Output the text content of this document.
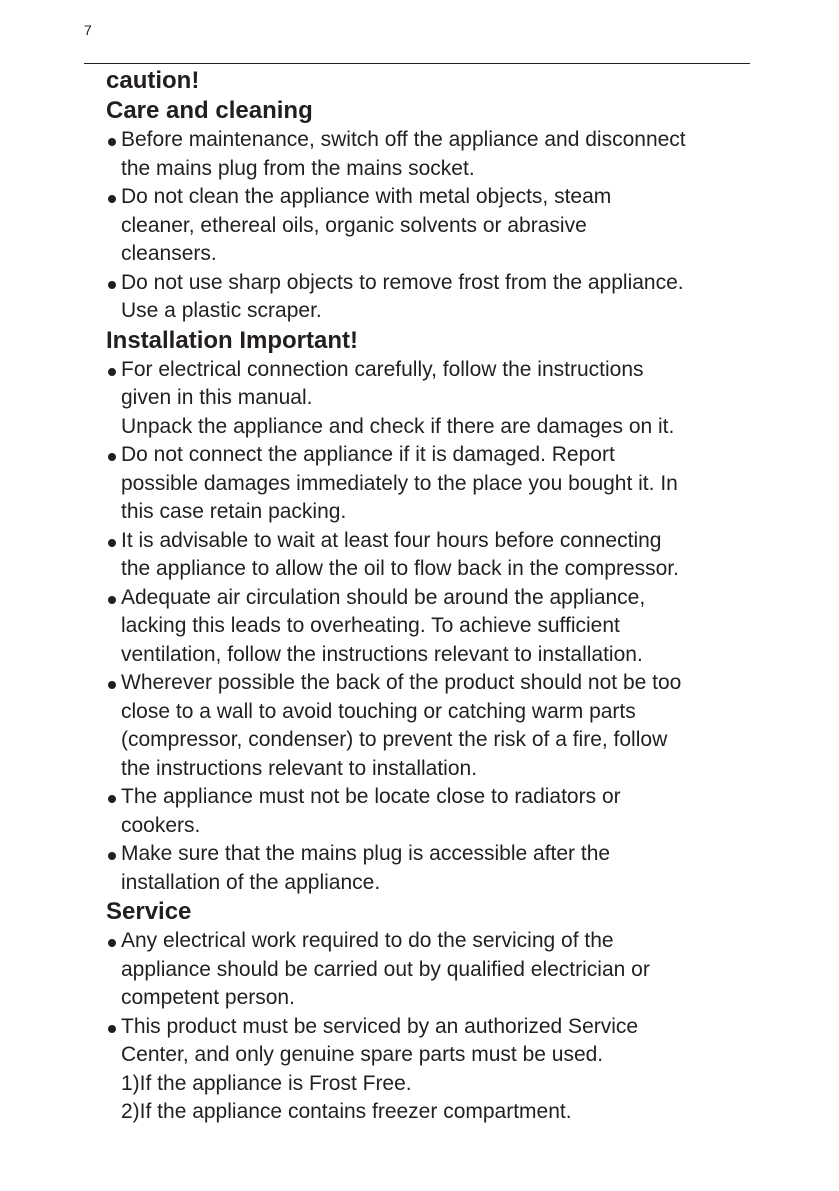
7
caution!
Care and cleaning
Before maintenance, switch off the appliance and disconnect
the mains plug from the mains socket.
Do not clean the appliance with metal objects, steam
cleaner, ethereal oils, organic solvents or abrasive
cleansers.
Do not use sharp objects to remove frost from the appliance.
Use a plastic scraper.
Installation Important!
For electrical connection carefully, follow the instructions
given in this manual.
Unpack the appliance and check if there are damages on it.
Do not connect the appliance if it is damaged. Report
possible damages immediately to the place you bought it. In
this case retain packing.
It is advisable to wait at least four hours before connecting
the appliance to allow the oil to flow back in the compressor.
Adequate air circulation should be around the appliance,
lacking this leads to overheating. To achieve sufficient
ventilation, follow the instructions relevant to installation.
Wherever possible the back of the product should not be too
close to a wall to avoid touching or catching warm parts
(compressor, condenser) to prevent the risk of a fire, follow
the instructions relevant to installation.
The appliance must not be locate close to radiators or
cookers.
Make sure that the mains plug is accessible after the
installation of the appliance.
Service
Any electrical work required to do the servicing of the
appliance should be carried out by qualified electrician or
competent person.
This product must be serviced by an authorized Service
Center, and only genuine spare parts must be used.
1)If the appliance is Frost Free.
2)If the appliance contains freezer compartment.
